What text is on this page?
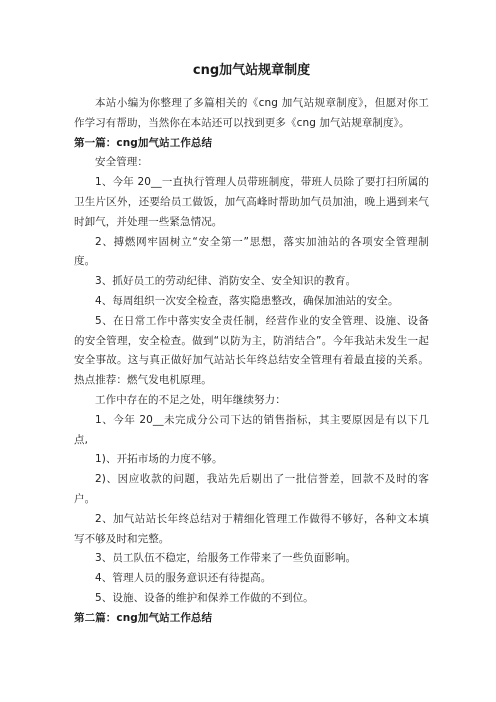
cng加气站规章制度

本站小编为你整理了多篇相关的《cng 加气站规章制度》，但愿对你工作学习有帮助，当然你在本站还可以找到更多《cng 加气站规章制度》。

第一篇：cng加气站工作总结

安全管理：

1、今年 20__一直执行管理人员带班制度，带班人员除了要打扫所属的卫生片区外，还要给员工做饭，加气高峰时帮助加气员加油，晚上遇到来气时卸气，并处理一些紧急情况。

2、搏燃网牢固树立“安全第一”思想，落实加油站的各项安全管理制度。

3、抓好员工的劳动纪律、消防安全、安全知识的教育。

4、每周组织一次安全检查，落实隐患整改，确保加油站的安全。

5、在日常工作中落实安全责任制，经营作业的安全管理、设施、设备的安全管理，安全检查。做到“以防为主，防消结合”。今年我站未发生一起安全事故。这与真正做好加气站站长年终总结安全管理有着最直接的关系。热点推荐：燃气发电机原理。

工作中存在的不足之处，明年继续努力：

1、今年 20__未完成分公司下达的销售指标，其主要原因是有以下几点,

1)、开拓市场的力度不够。

2)、因应收款的问题，我站先后剔出了一批信誉差，回款不及时的客户。

2、加气站站长年终总结对于精细化管理工作做得不够好，各种文本填写不够及时和完整。

3、员工队伍不稳定，给服务工作带来了一些负面影响。

4、管理人员的服务意识还有待提高。

5、设施、设备的维护和保养工作做的不到位。

第二篇：cng加气站工作总结
